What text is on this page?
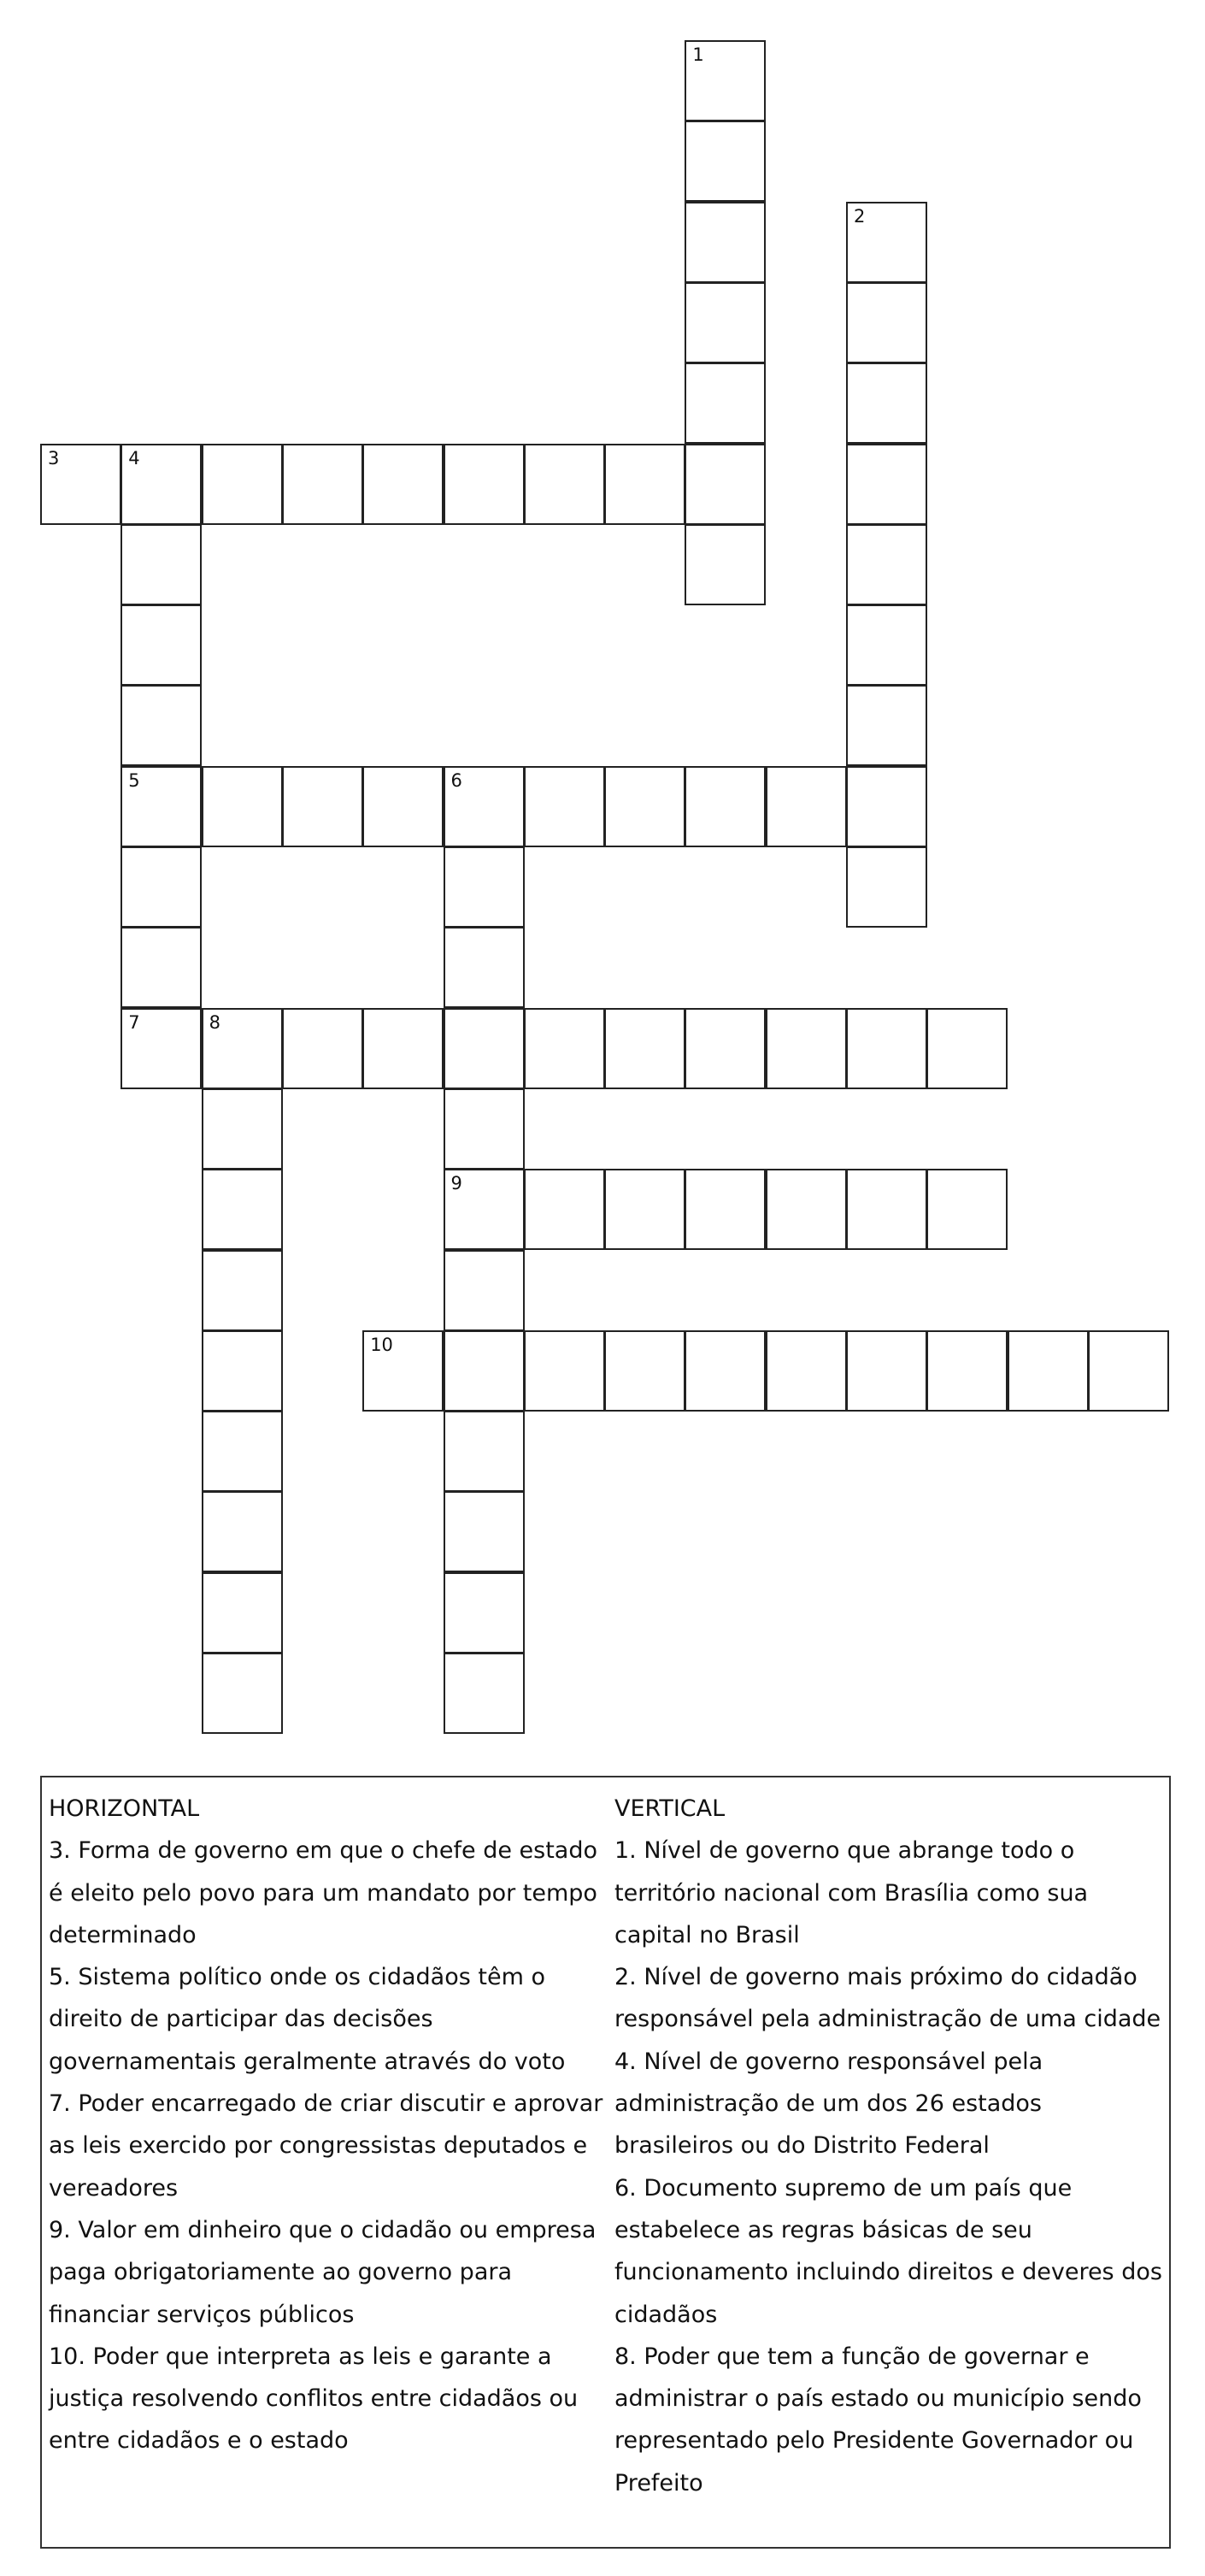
1
2
3	4
5
7
6
9
8
10

HORIZONTAL

3. Forma de governo em que o chefe de estado é eleito pelo povo para um mandato por tempo determinado

5. Sistema político onde os cidadãos têm o direito de participar das decisões governamentais geralmente através do voto

7. Poder encarregado de criar discutir e aprovar as leis exercido por congressistas deputados e vereadores

9. Valor em dinheiro que o cidadão ou empresa paga obrigatoriamente ao governo para financiar serviços públicos

10. Poder que interpreta as leis e garante a justiça resolvendo conflitos entre cidadãos ou entre cidadãos e o estado

VERTICAL

1. Nível de governo que abrange todo o território nacional com Brasília como sua capital no Brasil

2. Nível de governo mais próximo do cidadão responsável pela administração de uma cidade

4. Nível de governo responsável pela administração de um dos 26 estados brasileiros ou do Distrito Federal

6. Documento supremo de um país que estabelece as regras básicas de seu funcionamento incluindo direitos e deveres dos cidadãos

8. Poder que tem a função de governar e administrar o país estado ou município sendo representado pelo Presidente Governador ou Prefeito
